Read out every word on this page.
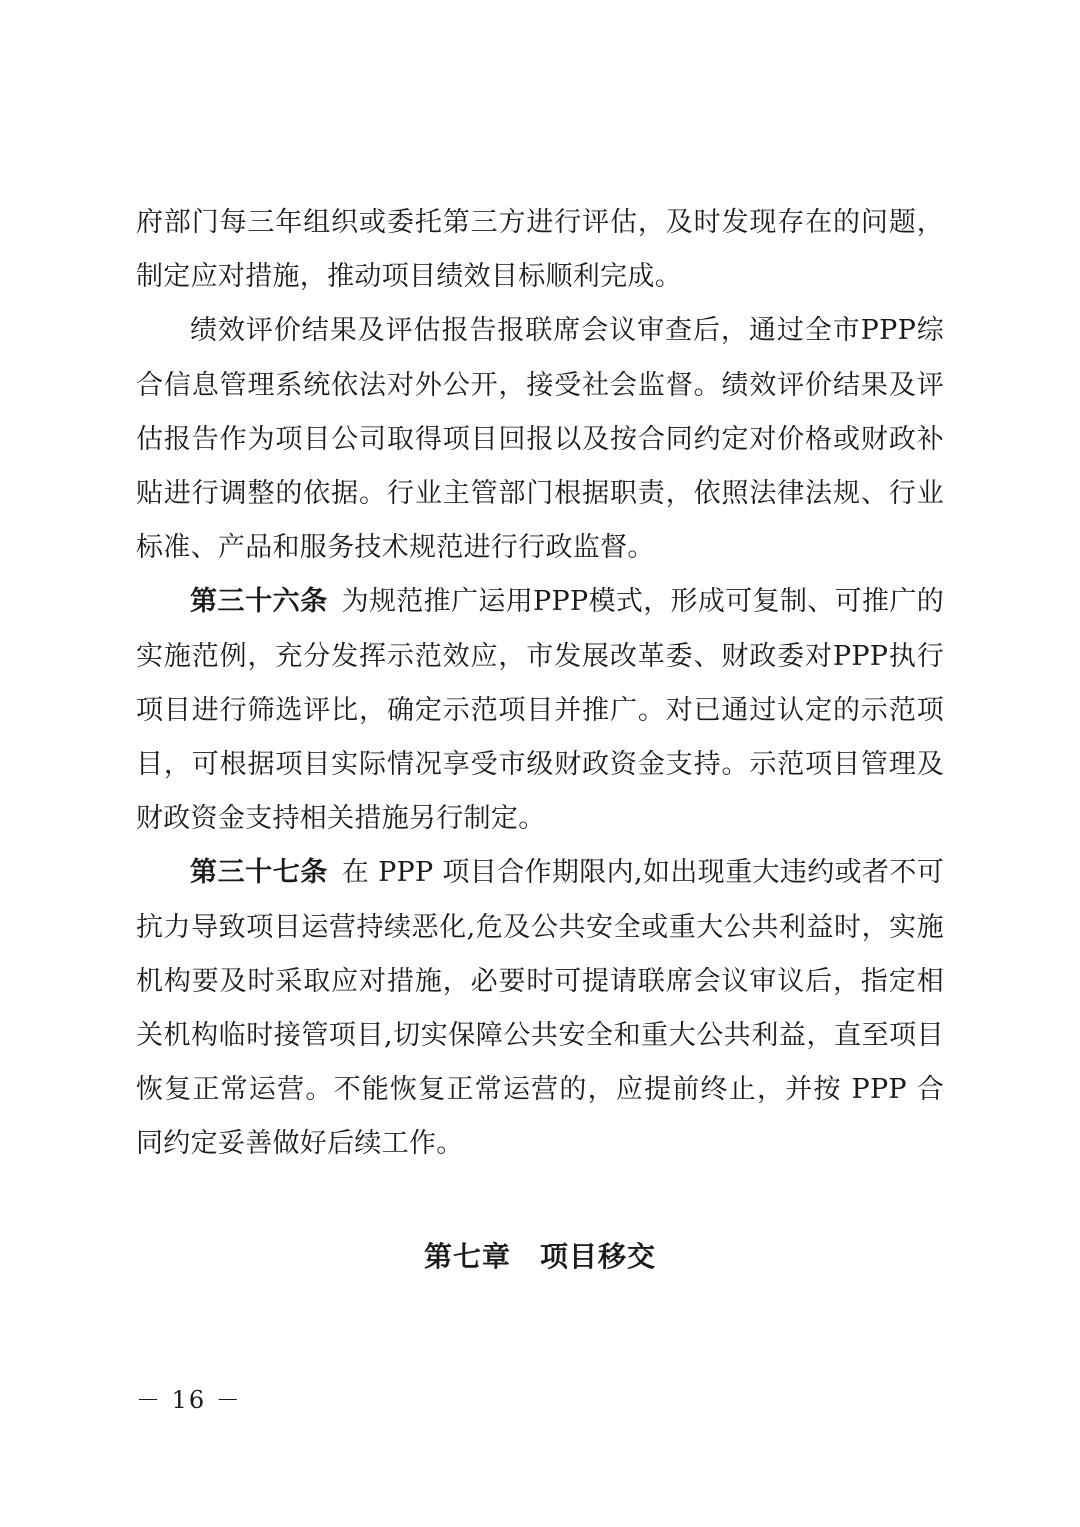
府部门每三年组织或委托第三方进行评估，及时发现存在的问题，制定应对措施，推动项目绩效目标顺利完成。

绩效评价结果及评估报告报联席会议审查后，通过全市PPP综合信息管理系统依法对外公开，接受社会监督。绩效评价结果及评估报告作为项目公司取得项目回报以及按合同约定对价格或财政补贴进行调整的依据。行业主管部门根据职责，依照法律法规、行业标准、产品和服务技术规范进行行政监督。

第三十六条  为规范推广运用PPP模式，形成可复制、可推广的实施范例，充分发挥示范效应，市发展改革委、财政委对PPP执行项目进行筛选评比，确定示范项目并推广。对已通过认定的示范项目，可根据项目实际情况享受市级财政资金支持。示范项目管理及财政资金支持相关措施另行制定。

第三十七条  在 PPP 项目合作期限内,如出现重大违约或者不可抗力导致项目运营持续恶化,危及公共安全或重大公共利益时，实施机构要及时采取应对措施，必要时可提请联席会议审议后，指定相关机构临时接管项目,切实保障公共安全和重大公共利益，直至项目恢复正常运营。不能恢复正常运营的，应提前终止，并按 PPP 合同约定妥善做好后续工作。

第七章　项目移交
－ 16 －
